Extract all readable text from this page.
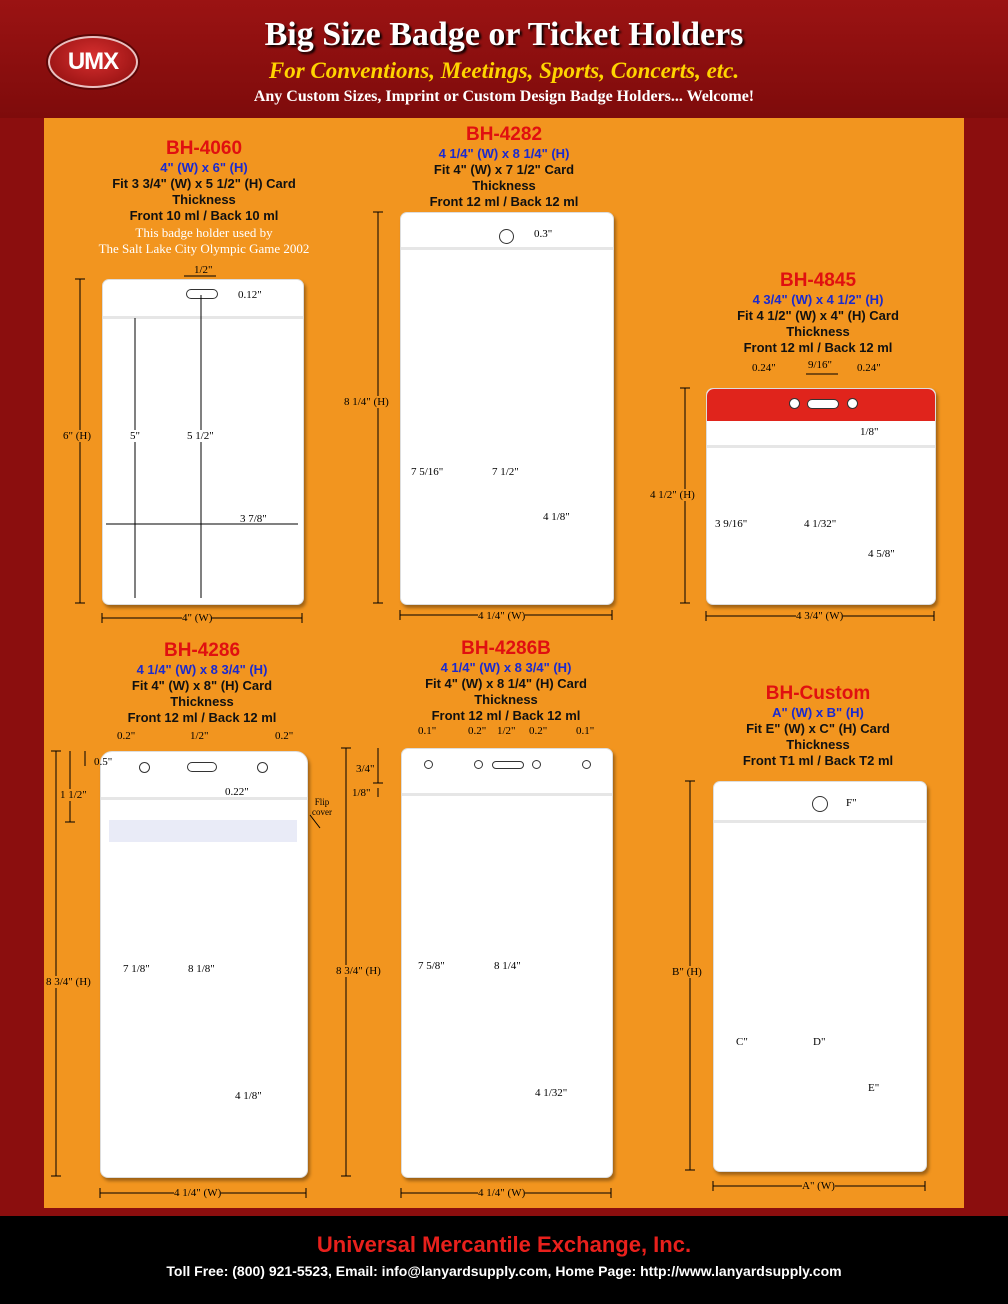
UMX
Big Size Badge or Ticket Holders
For Conventions, Meetings, Sports, Concerts, etc.
Any Custom Sizes, Imprint or Custom Design Badge Holders... Welcome!
BH-4060
4" (W) x 6" (H)
Fit 3 3/4" (W) x 5 1/2" (H) Card
Thickness
Front 10 ml / Back 10 ml
This badge holder used by
The Salt Lake City Olympic Game 2002
1/2"
0.12"
6" (H)	5"	5 1/2"
3 7/8"
4" (W)
BH-4282
4 1/4" (W) x 8 1/4" (H)
Fit 4" (W) x 7 1/2" Card
Thickness
Front 12 ml / Back 12 ml
0.3"
8 1/4" (H)
7 5/16"	7 1/2"
4 1/8"
4 1/4" (W)
BH-4845
4 3/4" (W) x 4 1/2" (H)
Fit 4 1/2" (W) x 4" (H) Card
Thickness
Front 12 ml / Back 12 ml
0.24"	9/16" 0.24"
1/8"
4 1/2" (H)
3 9/16"	4 1/32"
4 5/8"
4 3/4" (W)
BH-4286
4 1/4" (W) x 8 3/4" (H)
Fit 4" (W) x 8" (H) Card
Thickness
Front 12 ml / Back 12 ml
0.2"	1/2"	0.2"
0.5"
0.22"
1 1/2"
Flip
cover
8 3/4" (H)
7 1/8"	8 1/8"
4 1/8"
4 1/4" (W)
BH-4286B
4 1/4" (W) x 8 3/4" (H)
Fit 4" (W) x 8 1/4" (H) Card
Thickness
Front 12 ml / Back 12 ml
0.1"	0.2" 1/2" 0.2"	0.1"
3/4"
1/8"
8 3/4" (H)	7 5/8"	8 1/4"
4 1/32"
4 1/4" (W)
BH-Custom
A" (W) x B" (H)
Fit E" (W) x C" (H) Card
Thickness
Front T1 ml / Back T2 ml
F"
B" (H)
C"	D"
E"
A" (W)
Universal Mercantile Exchange, Inc.
Toll Free: (800) 921-5523, Email: info@lanyardsupply.com, Home Page: http://www.lanyardsupply.com
